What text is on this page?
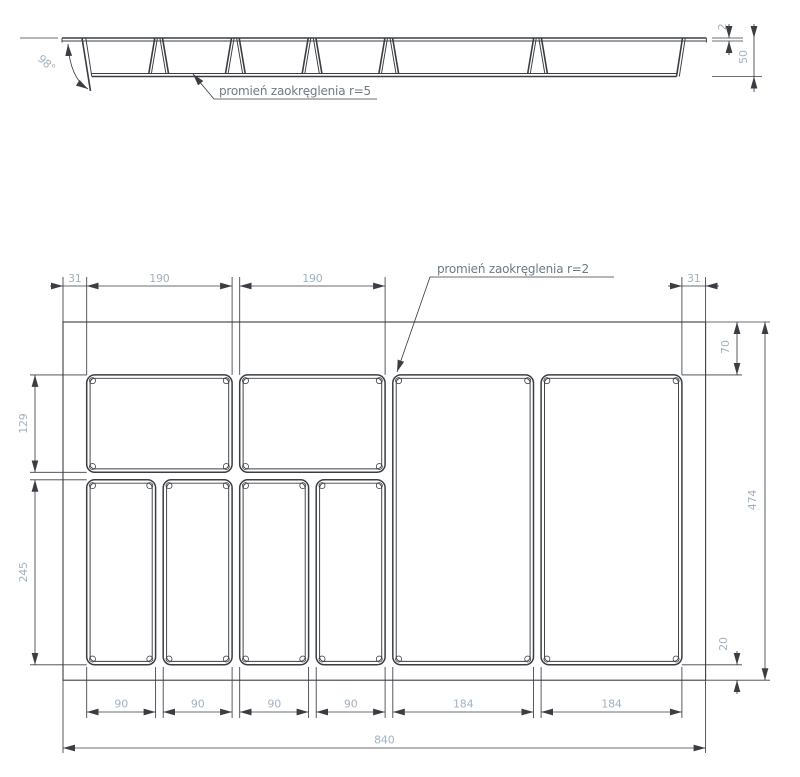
98°
promień zaokręglenia r=5
2
50
31	190	190	31
promień zaokręglenia r=2
129
245
70
474
20
90	90	90	90	184	184
840
